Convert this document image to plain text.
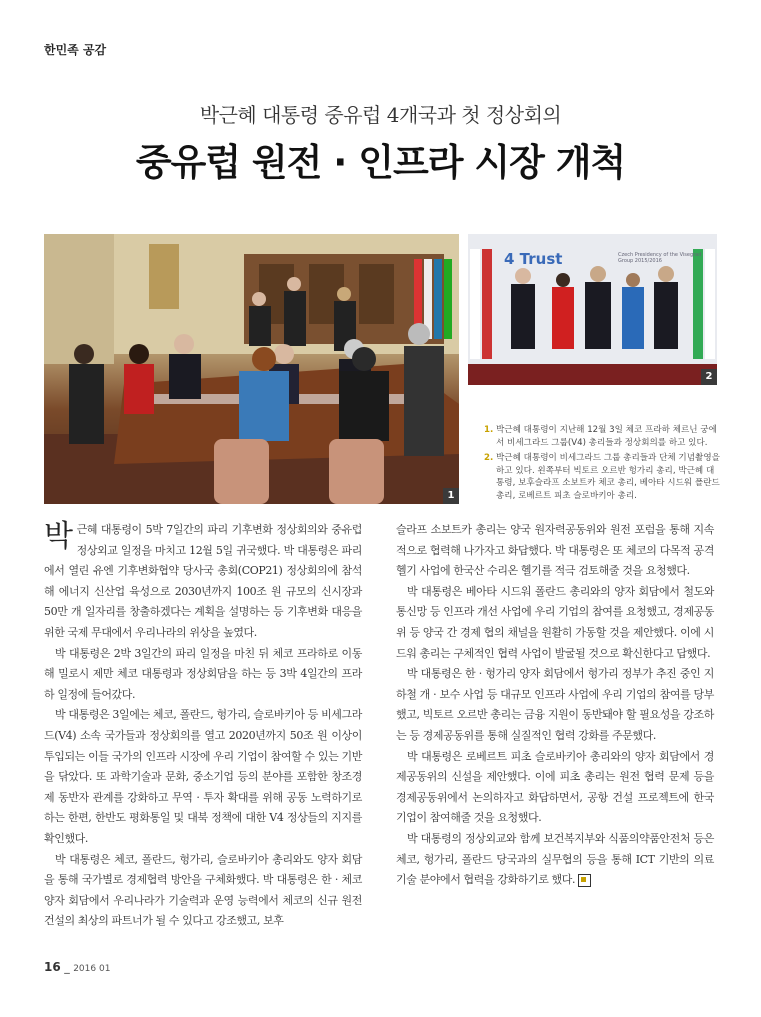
한민족 공감
박근혜 대통령 중유럽 4개국과 첫 정상회의
중유럽 원전 · 인프라 시장 개척
1
4 Trust	Czech Presidency of the Visegrad Group 2015/2016
2
1. 박근혜 대통령이 지난해 12월 3일 체코 프라하 체르닌 궁에서 비세그라드 그룹(V4) 총리들과 정상회의를 하고 있다.
2. 박근혜 대통령이 비세그라드 그룹 총리들과 단체 기념촬영을 하고 있다. 왼쪽부터 빅토르 오르반 헝가리 총리, 박근혜 대통령, 보후슬라프 소보트카 체코 총리, 베아타 시드워 폴란드 총리, 로베르트 피초 슬로바키아 총리.

박근혜 대통령이 5박 7일간의 파리 기후변화 정상회의와 중유럽 정상외교 일정을 마치고 12월 5일 귀국했다. 박 대통령은 파리에서 열린 유엔 기후변화협약 당사국 총회(COP21) 정상회의에 참석해 에너지 신산업 육성으로 2030년까지 100조 원 규모의 신시장과 50만 개 일자리를 창출하겠다는 계획을 설명하는 등 기후변화 대응을 위한 국제 무대에서 우리나라의 위상을 높였다.

박 대통령은 2박 3일간의 파리 일정을 마친 뒤 체코 프라하로 이동해 밀로시 제만 체코 대통령과 정상회담을 하는 등 3박 4일간의 프라하 일정에 들어갔다.

박 대통령은 3일에는 체코, 폴란드, 헝가리, 슬로바키아 등 비세그라드(V4) 소속 국가들과 정상회의를 열고 2020년까지 50조 원 이상이 투입되는 이들 국가의 인프라 시장에 우리 기업이 참여할 수 있는 기반을 닦았다. 또 과학기술과 문화, 중소기업 등의 분야를 포함한 창조경제 동반자 관계를 강화하고 무역 · 투자 확대를 위해 공동 노력하기로 하는 한편, 한반도 평화통일 및 대북 정책에 대한 V4 정상들의 지지를 확인했다.

박 대통령은 체코, 폴란드, 헝가리, 슬로바키아 총리와도 양자 회담을 통해 국가별로 경제협력 방안을 구체화했다. 박 대통령은 한 · 체코 양자 회담에서 우리나라가 기술력과 운영 능력에서 체코의 신규 원전 건설의 최상의 파트너가 될 수 있다고 강조했고, 보후

슬라프 소보트카 총리는 양국 원자력공동위와 원전 포럼을 통해 지속적으로 협력해 나가자고 화답했다. 박 대통령은 또 체코의 다목적 공격헬기 사업에 한국산 수리온 헬기를 적극 검토해줄 것을 요청했다.

박 대통령은 베아타 시드워 폴란드 총리와의 양자 회담에서 철도와 통신망 등 인프라 개선 사업에 우리 기업의 참여를 요청했고, 경제공동위 등 양국 간 경제 협의 채널을 원활히 가동할 것을 제안했다. 이에 시드워 총리는 구체적인 협력 사업이 발굴될 것으로 확신한다고 답했다.

박 대통령은 한 · 헝가리 양자 회담에서 헝가리 정부가 추진 중인 지하철 개 · 보수 사업 등 대규모 인프라 사업에 우리 기업의 참여를 당부했고, 빅토르 오르반 총리는 금융 지원이 동반돼야 할 필요성을 강조하는 등 경제공동위를 통해 실질적인 협력 강화를 주문했다.

박 대통령은 로베르트 피초 슬로바키아 총리와의 양자 회담에서 경제공동위의 신설을 제안했다. 이에 피초 총리는 원전 협력 문제 등을 경제공동위에서 논의하자고 화답하면서, 공항 건설 프로젝트에 한국 기업이 참여해줄 것을 요청했다.

박 대통령의 정상외교와 함께 보건복지부와 식품의약품안전처 등은 체코, 헝가리, 폴란드 당국과의 실무협의 등을 통해 ICT 기반의 의료기술 분야에서 협력을 강화하기로 했다.

16 _ 2016 01
